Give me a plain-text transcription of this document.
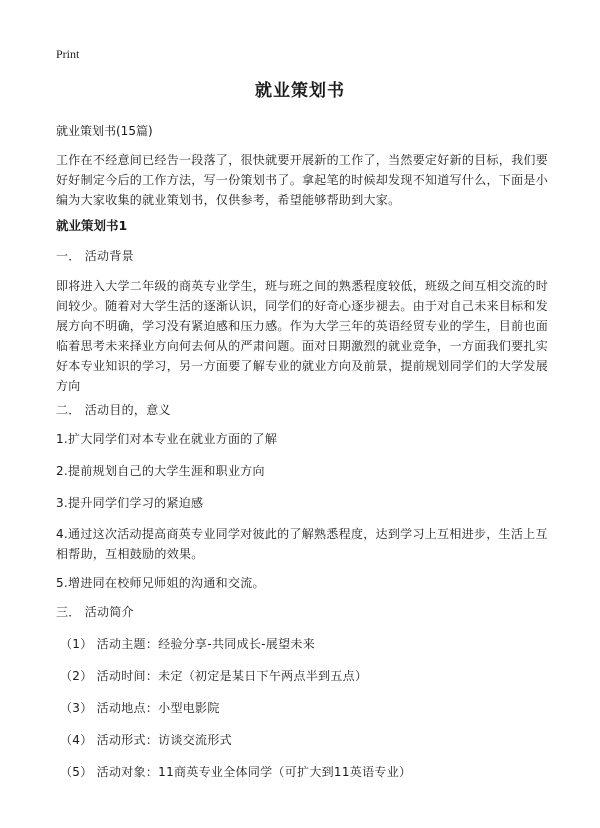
Print
就业策划书

就业策划书(15篇)

工作在不经意间已经告一段落了，很快就要开展新的工作了，当然要定好新的目标，我们要好好制定今后的工作方法，写一份策划书了。拿起笔的时候却发现不知道写什么，下面是小编为大家收集的就业策划书，仅供参考，希望能够帮助到大家。

就业策划书1

一． 活动背景

即将进入大学二年级的商英专业学生，班与班之间的熟悉程度较低，班级之间互相交流的时间较少。随着对大学生活的逐渐认识，同学们的好奇心逐步褪去。由于对自己未来目标和发展方向不明确，学习没有紧迫感和压力感。作为大学三年的英语经贸专业的学生，目前也面临着思考未来择业方向何去何从的严肃问题。面对日期激烈的就业竞争，一方面我们要扎实好本专业知识的学习，另一方面要了解专业的就业方向及前景，提前规划同学们的大学发展方向

二． 活动目的，意义

1.扩大同学们对本专业在就业方面的了解

2.提前规划自己的大学生涯和职业方向

3.提升同学们学习的紧迫感

4.通过这次活动提高商英专业同学对彼此的了解熟悉程度，达到学习上互相进步，生活上互相帮助，互相鼓励的效果。

5.增进同在校师兄师姐的沟通和交流。

三． 活动简介

（1） 活动主题：经验分享-共同成长-展望未来

（2） 活动时间：未定（初定是某日下午两点半到五点）

（3） 活动地点：小型电影院

（4） 活动形式：访谈交流形式

（5） 活动对象：11商英专业全体同学（可扩大到11英语专业）
